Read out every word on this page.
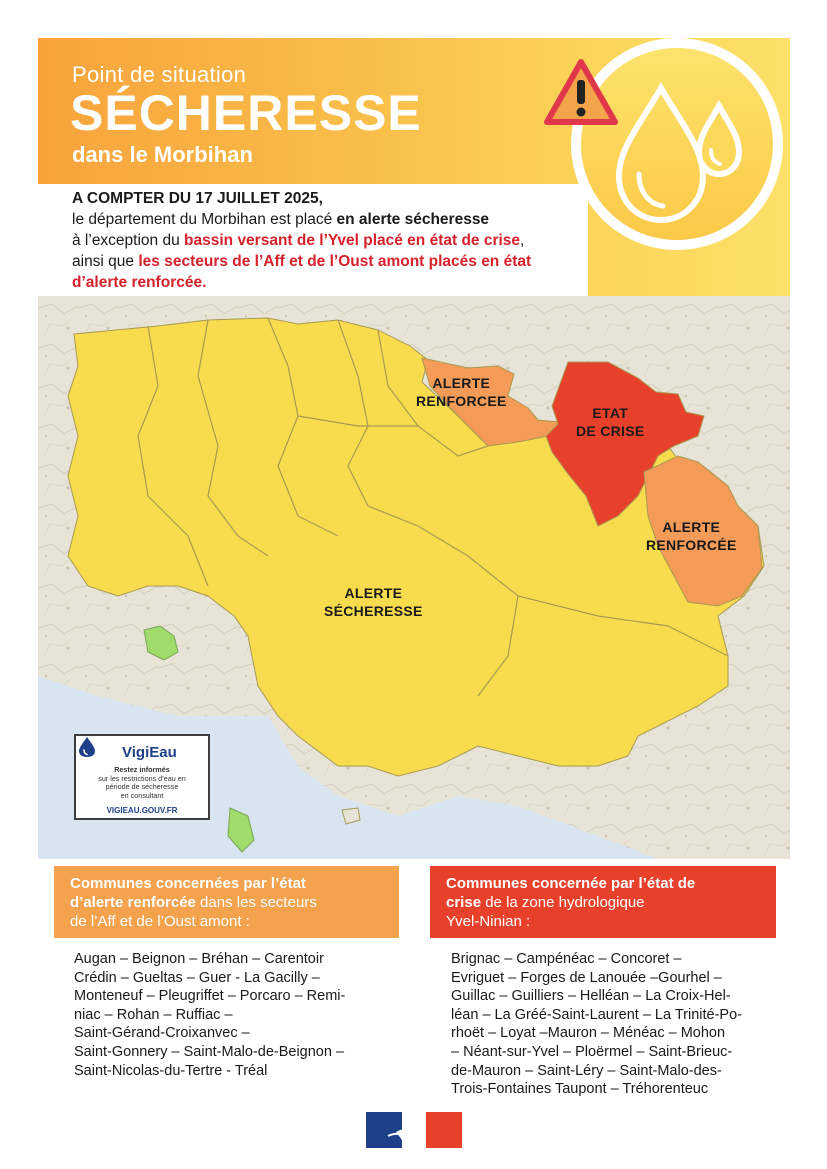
Point de situation
SÉCHERESSE
dans le Morbihan
A COMPTER DU 17 JUILLET 2025,
le département du Morbihan est placé en alerte sécheresse
à l’exception du bassin versant de l’Yvel placé en état de crise,
ainsi que les secteurs de l’Aff et de l’Oust amont placés en état
d’alerte renforcée.
ALERTE
RENFORCEE
ETAT
DE CRISE
ALERTE
RENFORCÉE
ALERTE
SÉCHERESSE
VigiEau
Restez informés
sur les restrictions d’eau en
période de sécheresse
en consultant
VIGIEAU.GOUV.FR
Communes concernées par l’état
d’alerte renforcée dans les secteurs
de l’Aff et de l’Oust amont :
Communes concernée par l’état de
crise de la zone hydrologique
Yvel-Ninian :
Augan – Beignon – Bréhan – Carentoir
Crédin – Gueltas – Guer - La Gacilly –
Monteneuf – Pleugriffet – Porcaro – Remi-
niac – Rohan – Ruffiac –
Saint-Gérand-Croixanvec –
Saint-Gonnery – Saint-Malo-de-Beignon –
Saint-Nicolas-du-Tertre - Tréal
Brignac – Campénéac – Concoret –
Evriguet – Forges de Lanouée –Gourhel –
Guillac – Guilliers – Helléan – La Croix-Hel-
léan – La Gréé-Saint-Laurent – La Trinité-Po-
rhoët – Loyat –Mauron – Ménéac – Mohon
– Néant-sur-Yvel – Ploërmel – Saint-Brieuc-
de-Mauron – Saint-Léry – Saint-Malo-des-
Trois-Fontaines Taupont – Tréhorenteuc
